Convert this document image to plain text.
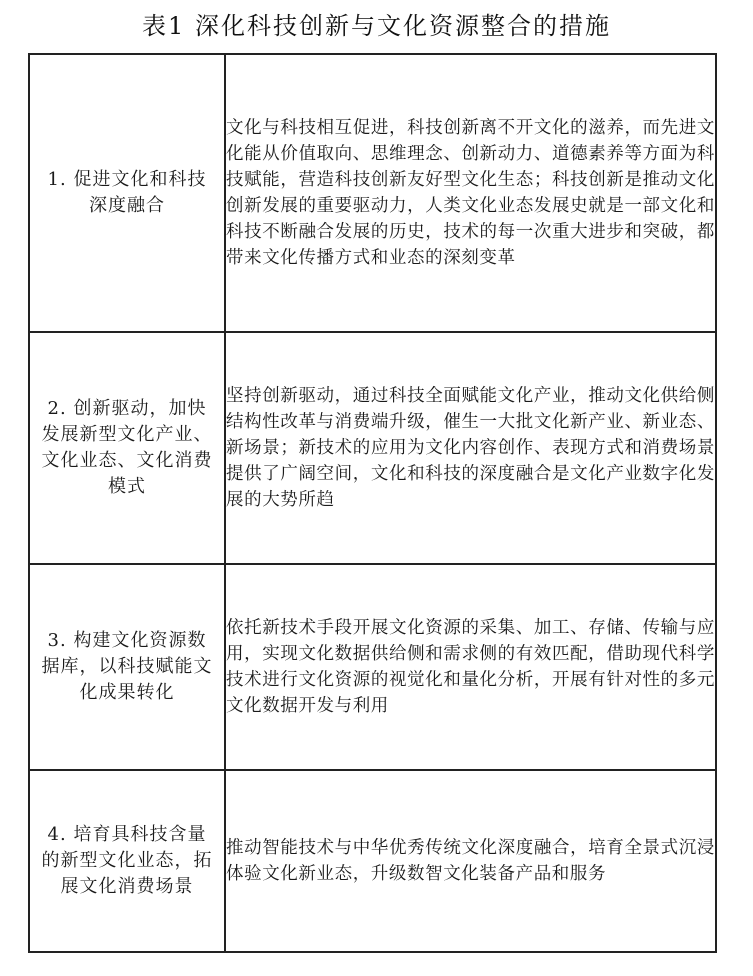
表1 深化科技创新与文化资源整合的措施
1. 促进文化和科技深度融合	文化与科技相互促进，科技创新离不开文化的滋养，而先进文化能从价值取向、思维理念、创新动力、道德素养等方面为科技赋能，营造科技创新友好型文化生态；科技创新是推动文化创新发展的重要驱动力，人类文化业态发展史就是一部文化和科技不断融合发展的历史，技术的每一次重大进步和突破，都带来文化传播方式和业态的深刻变革

2. 创新驱动，加快发展新型文化产业、文化业态、文化消费模式	坚持创新驱动，通过科技全面赋能文化产业，推动文化供给侧结构性改革与消费端升级，催生一大批文化新产业、新业态、新场景；新技术的应用为文化内容创作、表现方式和消费场景提供了广阔空间，文化和科技的深度融合是文化产业数字化发展的大势所趋

3. 构建文化资源数据库，以科技赋能文化成果转化	依托新技术手段开展文化资源的采集、加工、存储、传输与应用，实现文化数据供给侧和需求侧的有效匹配，借助现代科学技术进行文化资源的视觉化和量化分析，开展有针对性的多元文化数据开发与利用

4. 培育具科技含量的新型文化业态，拓展文化消费场景	推动智能技术与中华优秀传统文化深度融合，培育全景式沉浸体验文化新业态，升级数智文化装备产品和服务
